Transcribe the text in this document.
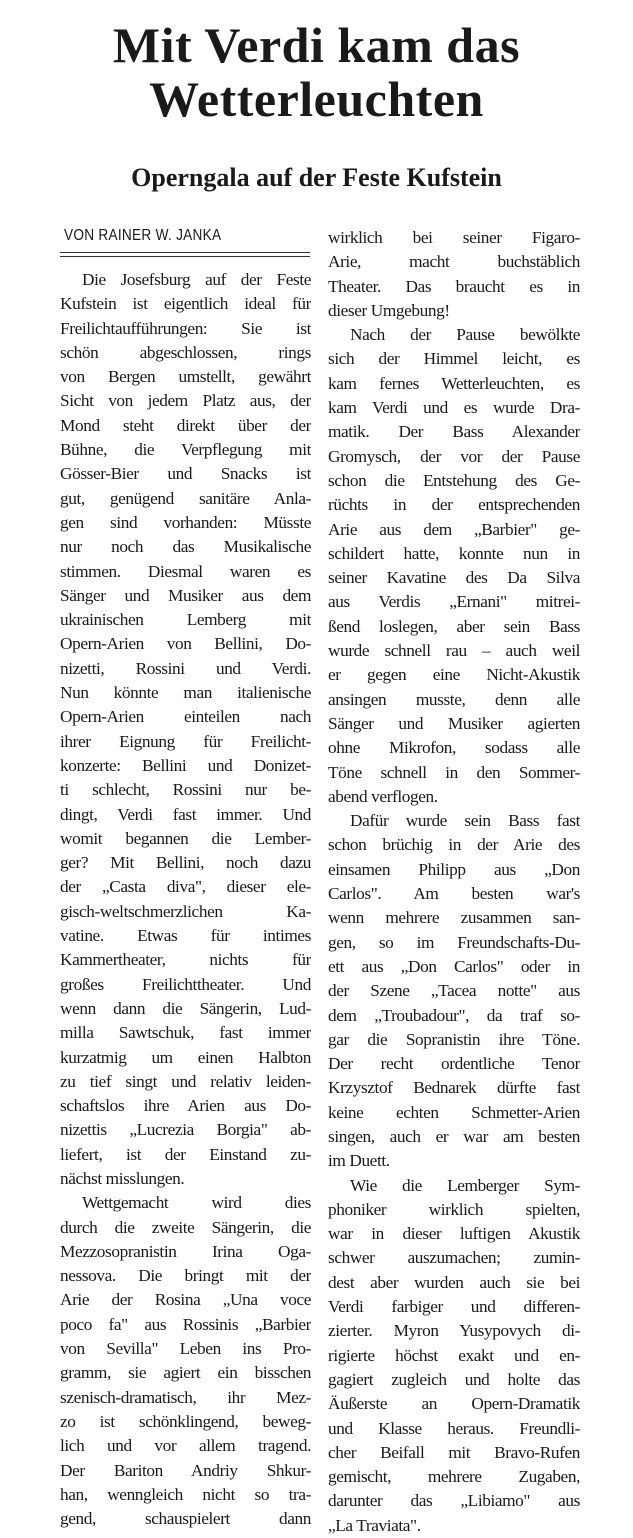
Mit Verdi kam das
Wetterleuchten
Operngala auf der Feste Kufstein
VON RAINER W. JANKA
Die Josefsburg auf der Feste
Kufstein ist eigentlich ideal für
Freilichtaufführungen: Sie ist
schön abgeschlossen, rings
von Bergen umstellt, gewährt
Sicht von jedem Platz aus, der
Mond steht direkt über der
Bühne, die Verpflegung mit
Gösser-Bier und Snacks ist
gut, genügend sanitäre Anla-
gen sind vorhanden: Müsste
nur noch das Musikalische
stimmen. Diesmal waren es
Sänger und Musiker aus dem
ukrainischen Lemberg mit
Opern-Arien von Bellini, Do-
nizetti, Rossini und Verdi.
Nun könnte man italienische
Opern-Arien einteilen nach
ihrer Eignung für Freilicht-
konzerte: Bellini und Donizet-
ti schlecht, Rossini nur be-
dingt, Verdi fast immer. Und
womit begannen die Lember-
ger? Mit Bellini, noch dazu
der „Casta diva", dieser ele-
gisch-weltschmerzlichen Ka-
vatine. Etwas für intimes
Kammertheater, nichts für
großes Freilichttheater. Und
wenn dann die Sängerin, Lud-
milla Sawtschuk, fast immer
kurzatmig um einen Halbton
zu tief singt und relativ leiden-
schaftslos ihre Arien aus Do-
nizettis „Lucrezia Borgia" ab-
liefert, ist der Einstand zu-
nächst misslungen.
Wettgemacht wird dies
durch die zweite Sängerin, die
Mezzosopranistin Irina Oga-
nessova. Die bringt mit der
Arie der Rosina „Una voce
poco fa" aus Rossinis „Barbier
von Sevilla" Leben ins Pro-
gramm, sie agiert ein bisschen
szenisch-dramatisch, ihr Mez-
zo ist schönklingend, beweg-
lich und vor allem tragend.
Der Bariton Andriy Shkur-
han, wenngleich nicht so tra-
gend, schauspielert dann
wirklich bei seiner Figaro-
Arie, macht buchstäblich
Theater. Das braucht es in
dieser Umgebung!
Nach der Pause bewölkte
sich der Himmel leicht, es
kam fernes Wetterleuchten, es
kam Verdi und es wurde Dra-
matik. Der Bass Alexander
Gromysch, der vor der Pause
schon die Entstehung des Ge-
rüchts in der entsprechenden
Arie aus dem „Barbier" ge-
schildert hatte, konnte nun in
seiner Kavatine des Da Silva
aus Verdis „Ernani" mitrei-
ßend loslegen, aber sein Bass
wurde schnell rau – auch weil
er gegen eine Nicht-Akustik
ansingen musste, denn alle
Sänger und Musiker agierten
ohne Mikrofon, sodass alle
Töne schnell in den Sommer-
abend verflogen.
Dafür wurde sein Bass fast
schon brüchig in der Arie des
einsamen Philipp aus „Don
Carlos". Am besten war's
wenn mehrere zusammen san-
gen, so im Freundschafts-Du-
ett aus „Don Carlos" oder in
der Szene „Tacea notte" aus
dem „Troubadour", da traf so-
gar die Sopranistin ihre Töne.
Der recht ordentliche Tenor
Krzysztof Bednarek dürfte fast
keine echten Schmetter-Arien
singen, auch er war am besten
im Duett.
Wie die Lemberger Sym-
phoniker wirklich spielten,
war in dieser luftigen Akustik
schwer auszumachen; zumin-
dest aber wurden auch sie bei
Verdi farbiger und differen-
zierter. Myron Yusypovych di-
rigierte höchst exakt und en-
gagiert zugleich und holte das
Äußerste an Opern-Dramatik
und Klasse heraus. Freundli-
cher Beifall mit Bravo-Rufen
gemischt, mehrere Zugaben,
darunter das „Libiamo" aus
„La Traviata".
